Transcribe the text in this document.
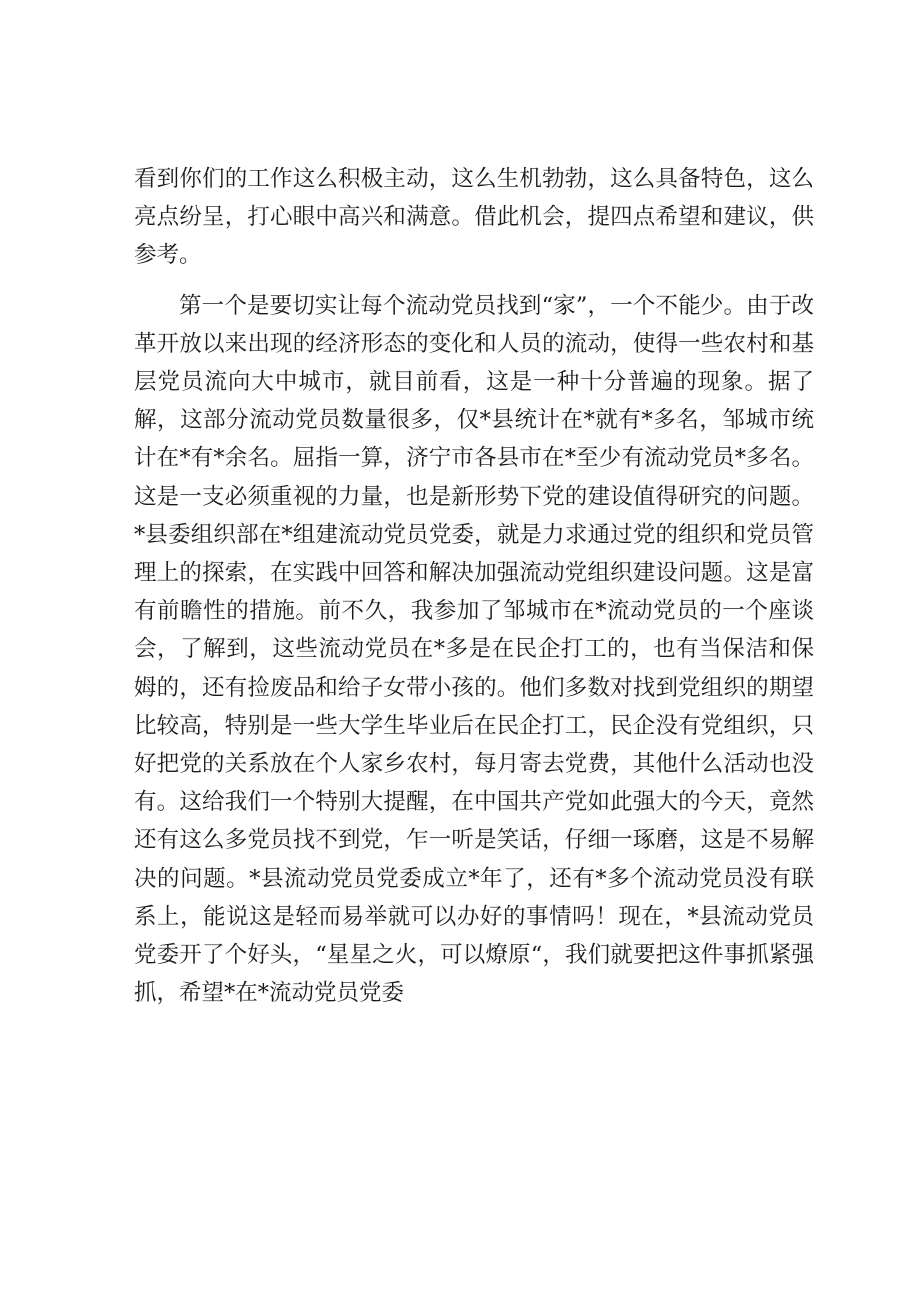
看到你们的工作这么积极主动，这么生机勃勃，这么具备特色，这么亮点纷呈，打心眼中高兴和满意。借此机会，提四点希望和建议，供参考。

第一个是要切实让每个流动党员找到“家”，一个不能少。由于改革开放以来出现的经济形态的变化和人员的流动，使得一些农村和基层党员流向大中城市，就目前看，这是一种十分普遍的现象。据了解，这部分流动党员数量很多，仅*县统计在*就有*多名，邹城市统计在*有*余名。屈指一算，济宁市各县市在*至少有流动党员*多名。这是一支必须重视的力量，也是新形势下党的建设值得研究的问题。*县委组织部在*组建流动党员党委，就是力求通过党的组织和党员管理上的探索，在实践中回答和解决加强流动党组织建设问题。这是富有前瞻性的措施。前不久，我参加了邹城市在*流动党员的一个座谈会，了解到，这些流动党员在*多是在民企打工的，也有当保洁和保姆的，还有捡废品和给子女带小孩的。他们多数对找到党组织的期望比较高，特别是一些大学生毕业后在民企打工，民企没有党组织，只好把党的关系放在个人家乡农村，每月寄去党费，其他什么活动也没有。这给我们一个特别大提醒，在中国共产党如此强大的今天，竟然还有这么多党员找不到党，乍一听是笑话，仔细一琢磨，这是不易解决的问题。*县流动党员党委成立*年了，还有*多个流动党员没有联系上，能说这是轻而易举就可以办好的事情吗！现在，*县流动党员党委开了个好头，“星星之火，可以燎原“，我们就要把这件事抓紧强抓，希望*在*流动党员党委
